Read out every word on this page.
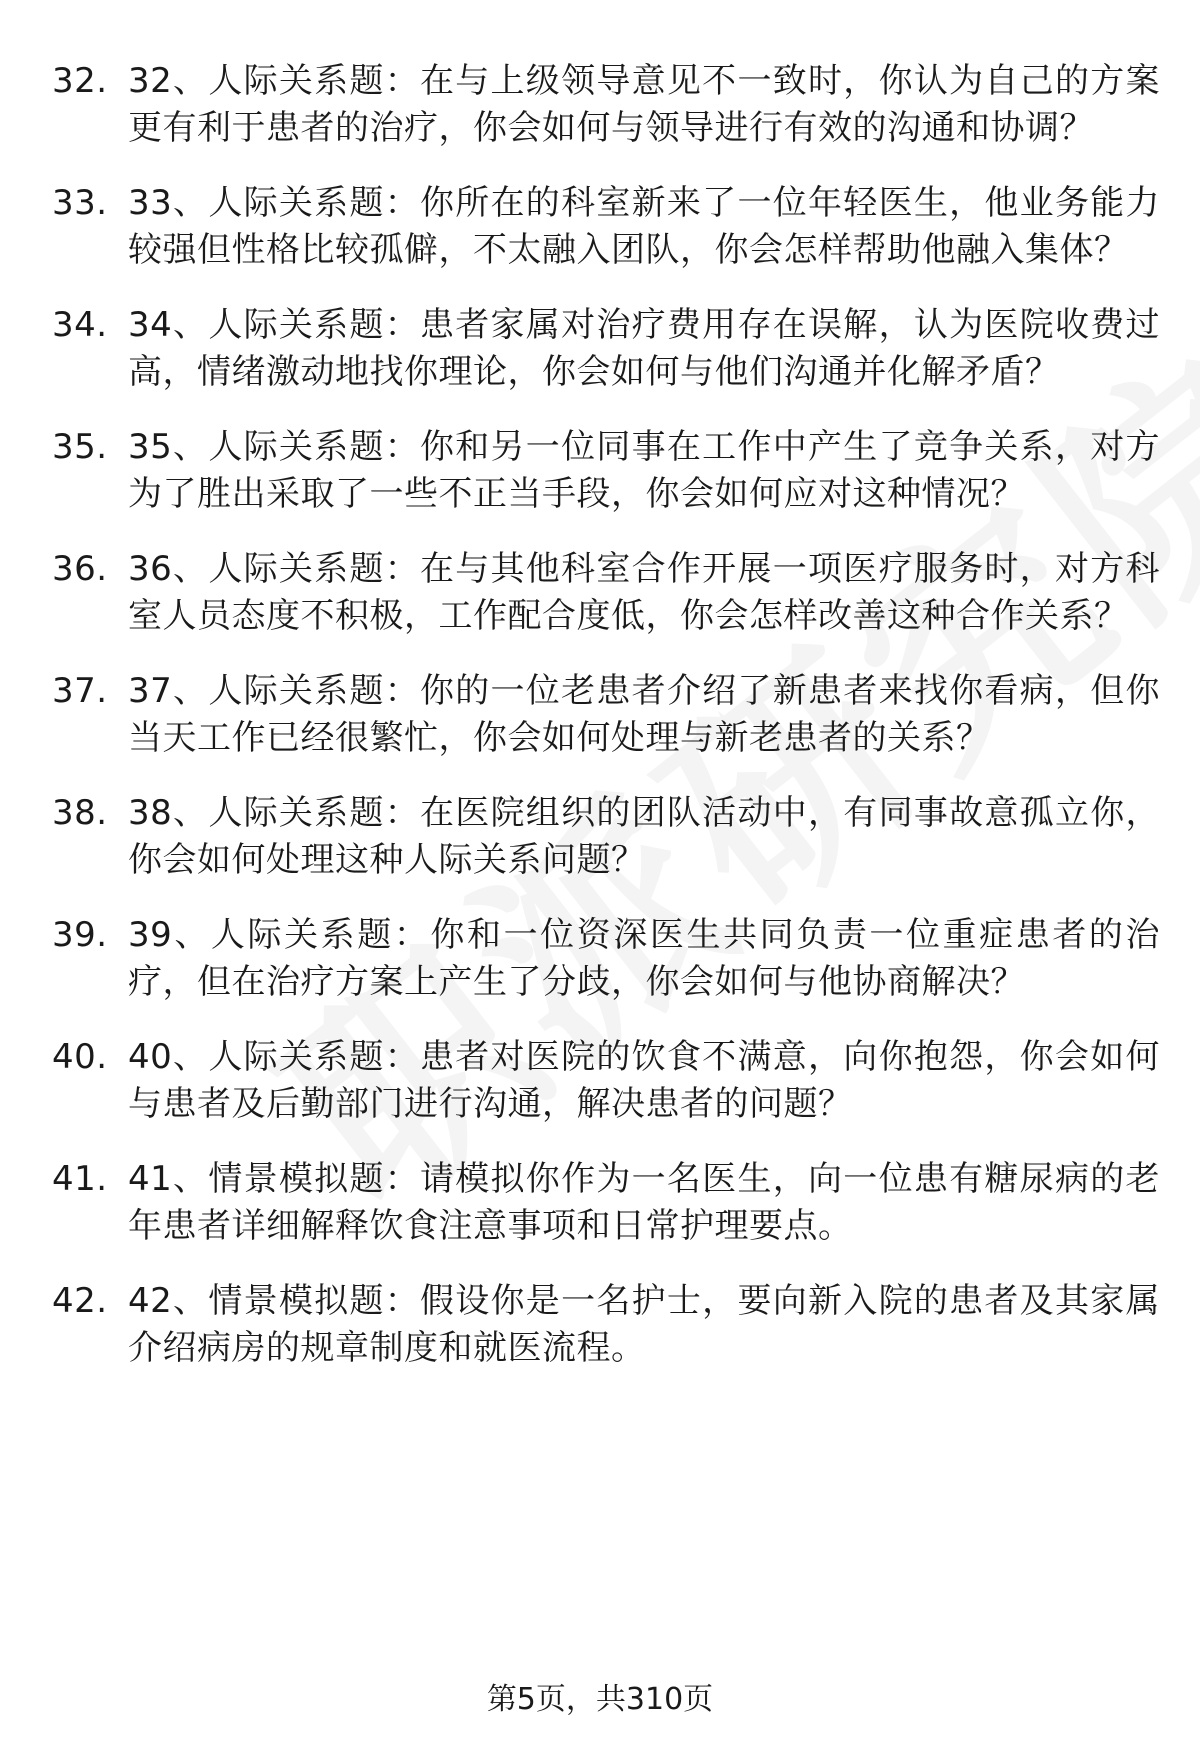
32. 32、人际关系题：在与上级领导意见不一致时，你认为自己的方案更有利于患者的治疗，你会如何与领导进行有效的沟通和协调？
33. 33、人际关系题：你所在的科室新来了一位年轻医生，他业务能力较强但性格比较孤僻，不太融入团队，你会怎样帮助他融入集体？
34. 34、人际关系题：患者家属对治疗费用存在误解，认为医院收费过高，情绪激动地找你理论，你会如何与他们沟通并化解矛盾？
35. 35、人际关系题：你和另一位同事在工作中产生了竞争关系，对方为了胜出采取了一些不正当手段，你会如何应对这种情况？
36. 36、人际关系题：在与其他科室合作开展一项医疗服务时，对方科室人员态度不积极，工作配合度低，你会怎样改善这种合作关系？
37. 37、人际关系题：你的一位老患者介绍了新患者来找你看病，但你当天工作已经很繁忙，你会如何处理与新老患者的关系？
38. 38、人际关系题：在医院组织的团队活动中，有同事故意孤立你，你会如何处理这种人际关系问题？
39. 39、人际关系题：你和一位资深医生共同负责一位重症患者的治疗，但在治疗方案上产生了分歧，你会如何与他协商解决？
40. 40、人际关系题：患者对医院的饮食不满意，向你抱怨，你会如何与患者及后勤部门进行沟通，解决患者的问题？
41. 41、情景模拟题：请模拟你作为一名医生，向一位患有糖尿病的老年患者详细解释饮食注意事项和日常护理要点。
42. 42、情景模拟题：假设你是一名护士，要向新入院的患者及其家属介绍病房的规章制度和就医流程。
第5页，共310页
